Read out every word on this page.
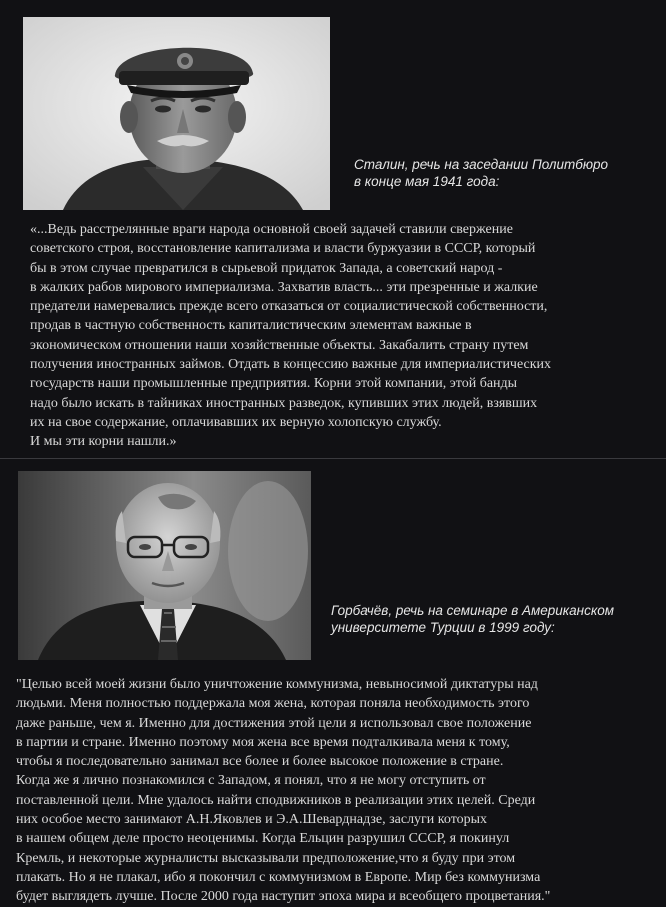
Сталин, речь на заседании Политбюро
в конце мая 1941 года:
«...Ведь расстрелянные враги народа основной своей задачей ставили свержение
советского строя, восстановление капитализма и власти буржуазии в СССР, который
бы в этом случае превратился в сырьевой придаток Запада, а советский народ -
в жалких рабов мирового империализма. Захватив власть... эти презренные и жалкие
предатели намеревались прежде всего отказаться от социалистической собственности,
продав в частную собственность капиталистическим элементам важные в
экономическом отношении наши хозяйственные объекты. Закабалить страну путем
получения иностранных займов. Отдать в концессию важные для империалистических
государств наши промышленные предприятия. Корни этой компании, этой банды
надо было искать в тайниках иностранных разведок, купивших этих людей, взявших
их на свое содержание, оплачивавших их верную холопскую службу.
И мы эти корни нашли.»
Горбачёв, речь на семинаре в Американском
университете Турции в 1999 году:
"Целью всей моей жизни было уничтожение коммунизма, невыносимой диктатуры над
людьми. Меня полностью поддержала моя жена, которая поняла необходимость этого
даже раньше, чем я. Именно для достижения этой цели я использовал свое положение
в партии и стране. Именно поэтому моя жена все время подталкивала меня к тому,
чтобы я последовательно занимал все более и более высокое положение в стране.
Когда же я лично познакомился с Западом, я понял, что я не могу отступить от
поставленной цели. Мне удалось найти сподвижников в реализации этих целей. Среди
них особое место занимают А.Н.Яковлев и Э.А.Шеварднадзе, заслуги которых
в нашем общем деле просто неоценимы. Когда Ельцин разрушил СССР, я покинул
Кремль, и некоторые журналисты высказывали предположение,что я буду при этом
плакать. Но я не плакал, ибо я покончил с коммунизмом в Европе. Мир без коммунизма
будет выглядеть лучше. После 2000 года наступит эпоха мира и всеобщего процветания."
